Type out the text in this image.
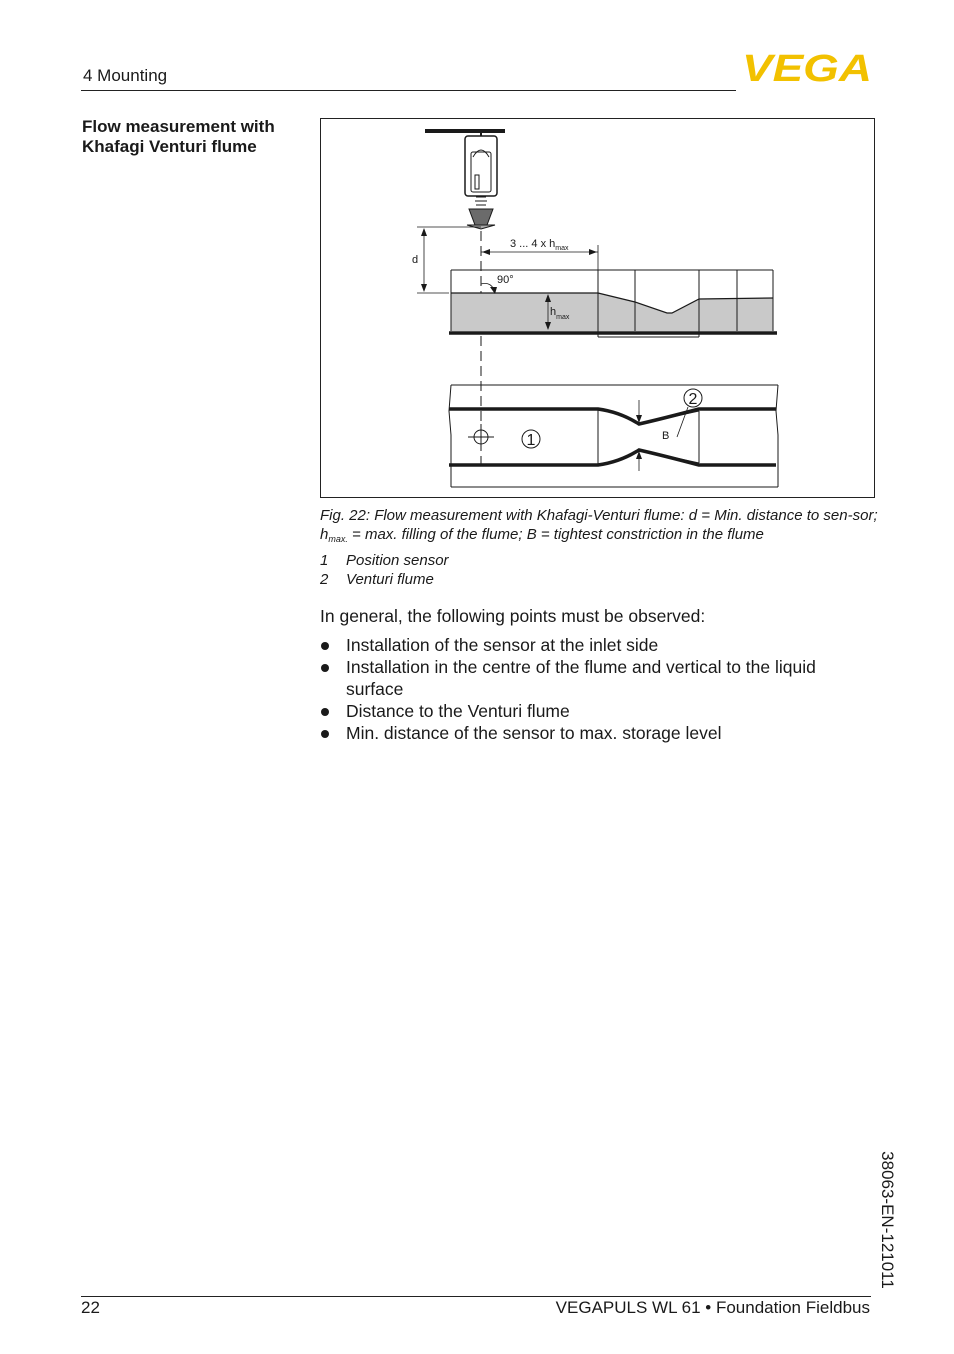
4 Mounting	VEGA
Flow measurement with Khafagi Venturi flume
d
3 ... 4 x $h_{max}$
90°
$h_{max}$
1
2
B
Fig. 22: Flow measurement with Khafagi-Venturi flume: d = Min. distance to sen-sor; $h_{max.} = \max$. filling of the flume; B = tightest constriction in the flume
1 Position sensor
2 Venturi flume
In general, the following points must be observed:
Installation of the sensor at the inlet side
Installation in the centre of the flume and vertical to the liquid surface
Distance to the Venturi flume
Min. distance of the sensor to max. storage level
38063-EN-121011
22	VEGAPULS WL 61 • Foundation Fieldbus
